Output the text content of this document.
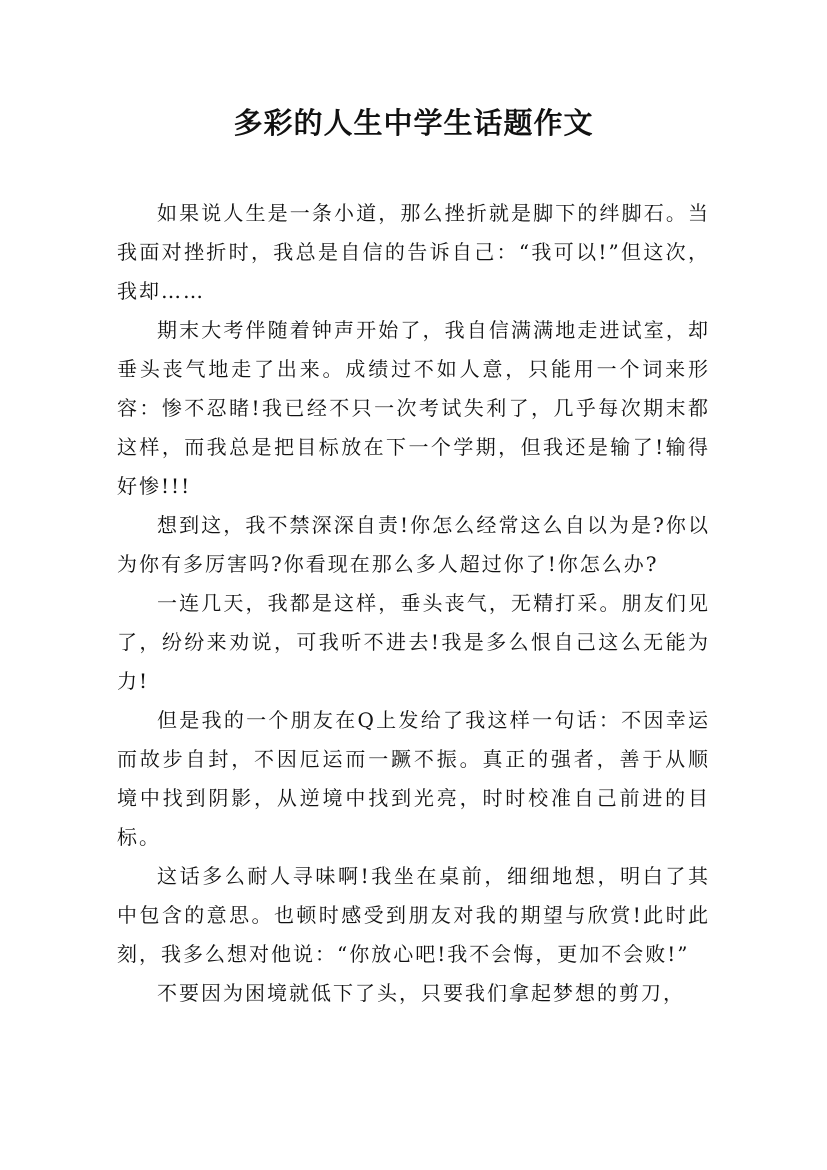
多彩的人生中学生话题作文

如果说人生是一条小道，那么挫折就是脚下的绊脚石。当我面对挫折时，我总是自信的告诉自己：“我可以!”但这次，我却……

期末大考伴随着钟声开始了，我自信满满地走进试室，却垂头丧气地走了出来。成绩过不如人意，只能用一个词来形容：惨不忍睹!我已经不只一次考试失利了，几乎每次期末都这样，而我总是把目标放在下一个学期，但我还是输了!输得好惨!!!

想到这，我不禁深深自责!你怎么经常这么自以为是?你以为你有多厉害吗?你看现在那么多人超过你了!你怎么办?

一连几天，我都是这样，垂头丧气，无精打采。朋友们见了，纷纷来劝说，可我听不进去!我是多么恨自己这么无能为力!

但是我的一个朋友在Q上发给了我这样一句话：不因幸运而故步自封，不因厄运而一蹶不振。真正的强者，善于从顺境中找到阴影，从逆境中找到光亮，时时校准自己前进的目标。

这话多么耐人寻味啊!我坐在桌前，细细地想，明白了其中包含的意思。也顿时感受到朋友对我的期望与欣赏!此时此刻，我多么想对他说：“你放心吧!我不会悔，更加不会败!”

不要因为困境就低下了头，只要我们拿起梦想的剪刀，
